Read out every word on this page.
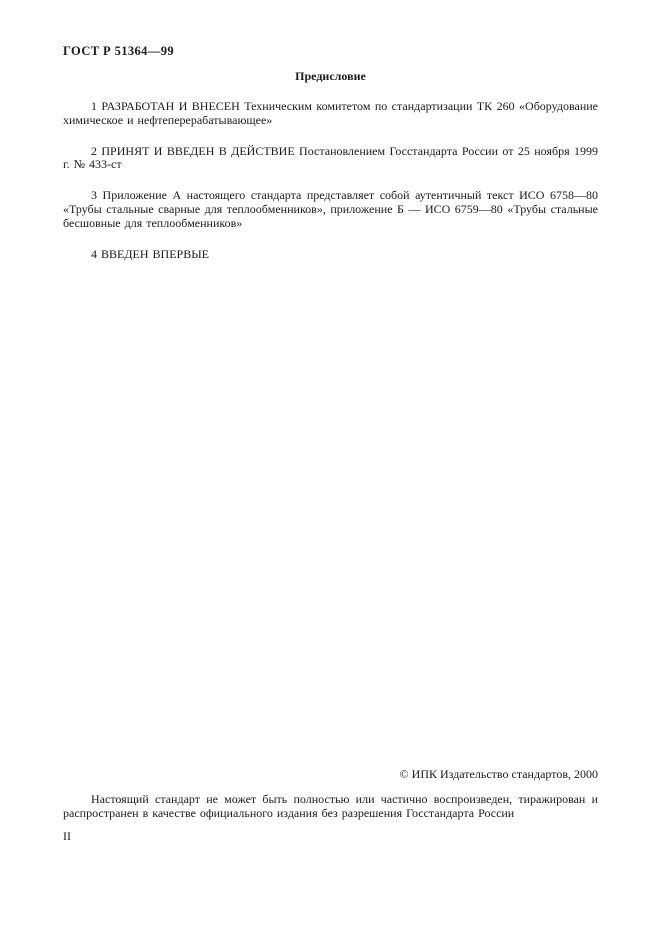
ГОСТ Р 51364—99
Предисловие

1 РАЗРАБОТАН И ВНЕСЕН Техническим комитетом по стандартизации ТК 260 «Оборудование химическое и нефтеперерабатывающее»

2 ПРИНЯТ И ВВЕДЕН В ДЕЙСТВИЕ Постановлением Госстандарта России от 25 ноября 1999 г. № 433-ст

3 Приложение А настоящего стандарта представляет собой аутентичный текст ИСО 6758—80 «Трубы стальные сварные для теплообменников», приложение Б — ИСО 6759—80 «Трубы стальные бесшовные для теплообменников»

4 ВВЕДЕН ВПЕРВЫЕ

© ИПК Издательство стандартов, 2000

Настоящий стандарт не может быть полностью или частично воспроизведен, тиражирован и распространен в качестве официального издания без разрешения Госстандарта России

II
